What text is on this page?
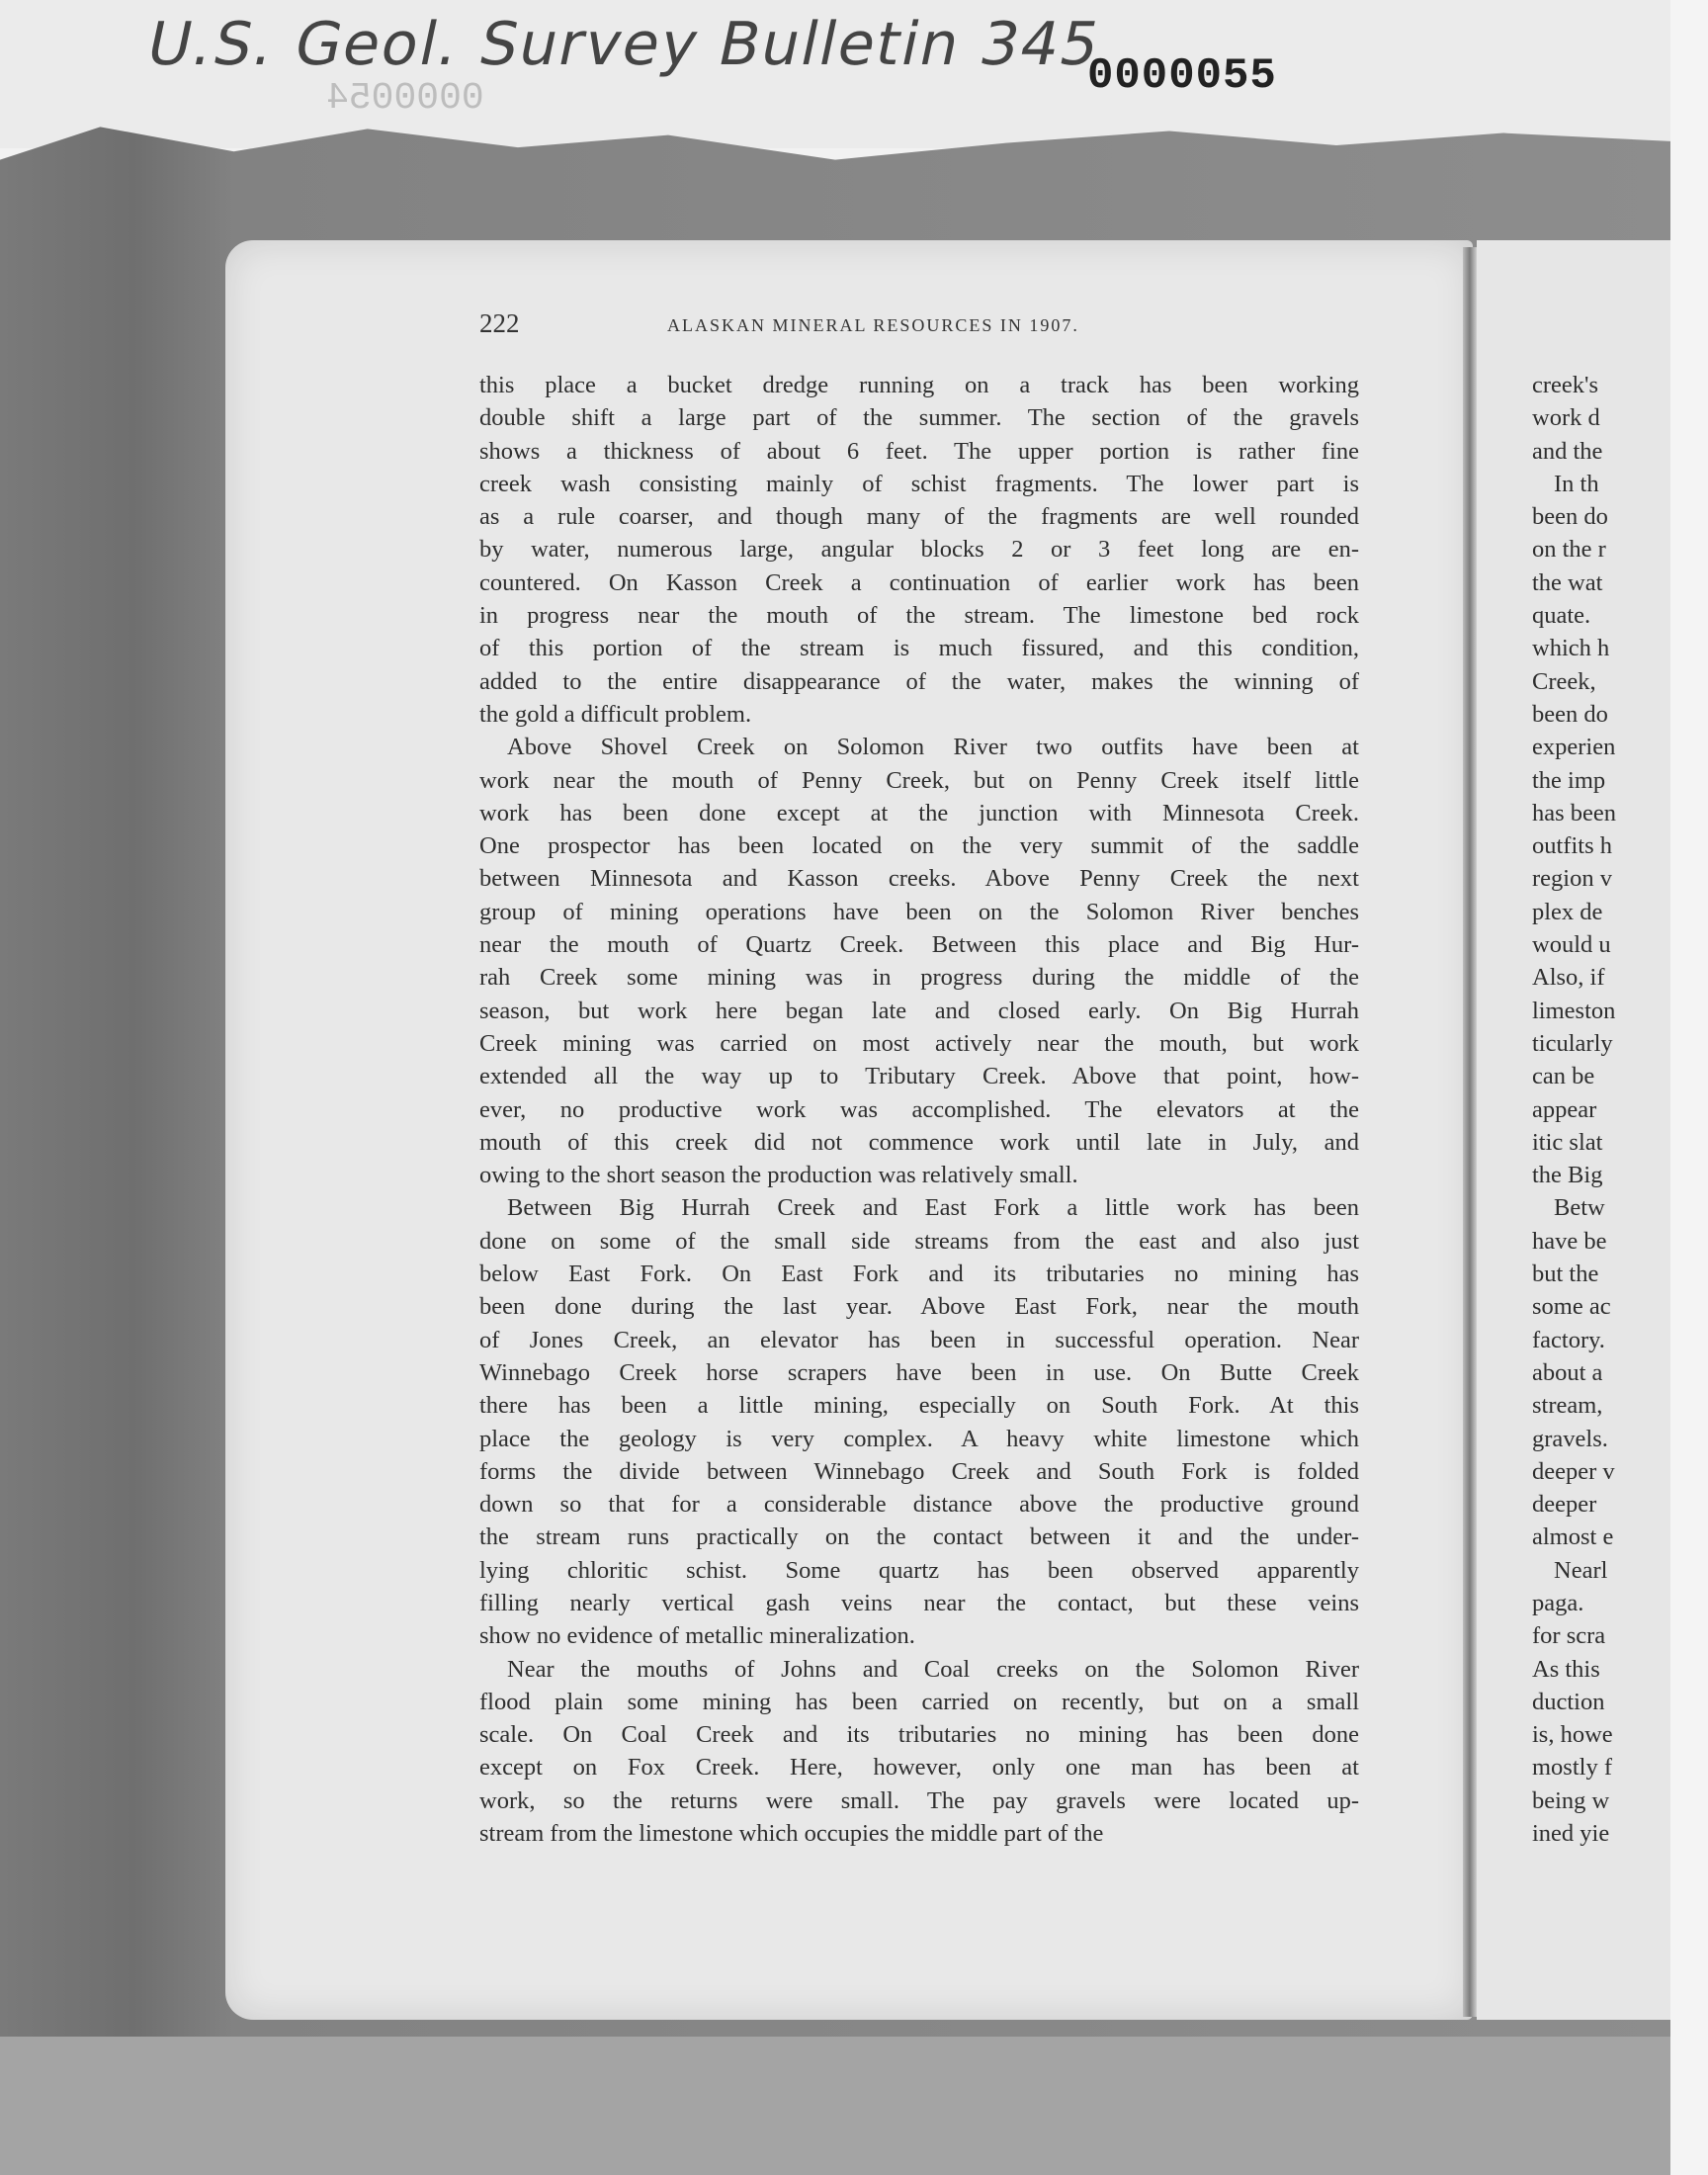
U.S. Geol. Survey Bulletin 345
0000055
0000054
creek's
work d
and the
In th
been do
on the r
the wat
quate.
which h
Creek,
been do
experien
the imp
has been
outfits h
region v
plex de
would u
Also, if
limeston
ticularly
can be
appear
itic slat
the Big
Betw
have be
but the
some ac
factory.
about a
stream,
gravels.
deeper v
deeper
almost e
Nearl
paga.
for scra
As this
duction
is, howe
mostly f
being w
ined yie
222	ALASKAN MINERAL RESOURCES IN 1907.
this place a bucket dredge running on a track has been working
double shift a large part of the summer. The section of the gravels
shows a thickness of about 6 feet. The upper portion is rather fine
creek wash consisting mainly of schist fragments. The lower part is
as a rule coarser, and though many of the fragments are well rounded
by water, numerous large, angular blocks 2 or 3 feet long are en-
countered. On Kasson Creek a continuation of earlier work has been
in progress near the mouth of the stream. The limestone bed rock
of this portion of the stream is much fissured, and this condition,
added to the entire disappearance of the water, makes the winning of
the gold a difficult problem.
Above Shovel Creek on Solomon River two outfits have been at
work near the mouth of Penny Creek, but on Penny Creek itself little
work has been done except at the junction with Minnesota Creek.
One prospector has been located on the very summit of the saddle
between Minnesota and Kasson creeks. Above Penny Creek the next
group of mining operations have been on the Solomon River benches
near the mouth of Quartz Creek. Between this place and Big Hur-
rah Creek some mining was in progress during the middle of the
season, but work here began late and closed early. On Big Hurrah
Creek mining was carried on most actively near the mouth, but work
extended all the way up to Tributary Creek. Above that point, how-
ever, no productive work was accomplished. The elevators at the
mouth of this creek did not commence work until late in July, and
owing to the short season the production was relatively small.
Between Big Hurrah Creek and East Fork a little work has been
done on some of the small side streams from the east and also just
below East Fork. On East Fork and its tributaries no mining has
been done during the last year. Above East Fork, near the mouth
of Jones Creek, an elevator has been in successful operation. Near
Winnebago Creek horse scrapers have been in use. On Butte Creek
there has been a little mining, especially on South Fork. At this
place the geology is very complex. A heavy white limestone which
forms the divide between Winnebago Creek and South Fork is folded
down so that for a considerable distance above the productive ground
the stream runs practically on the contact between it and the under-
lying chloritic schist. Some quartz has been observed apparently
filling nearly vertical gash veins near the contact, but these veins
show no evidence of metallic mineralization.
Near the mouths of Johns and Coal creeks on the Solomon River
flood plain some mining has been carried on recently, but on a small
scale. On Coal Creek and its tributaries no mining has been done
except on Fox Creek. Here, however, only one man has been at
work, so the returns were small. The pay gravels were located up-
stream from the limestone which occupies the middle part of the
